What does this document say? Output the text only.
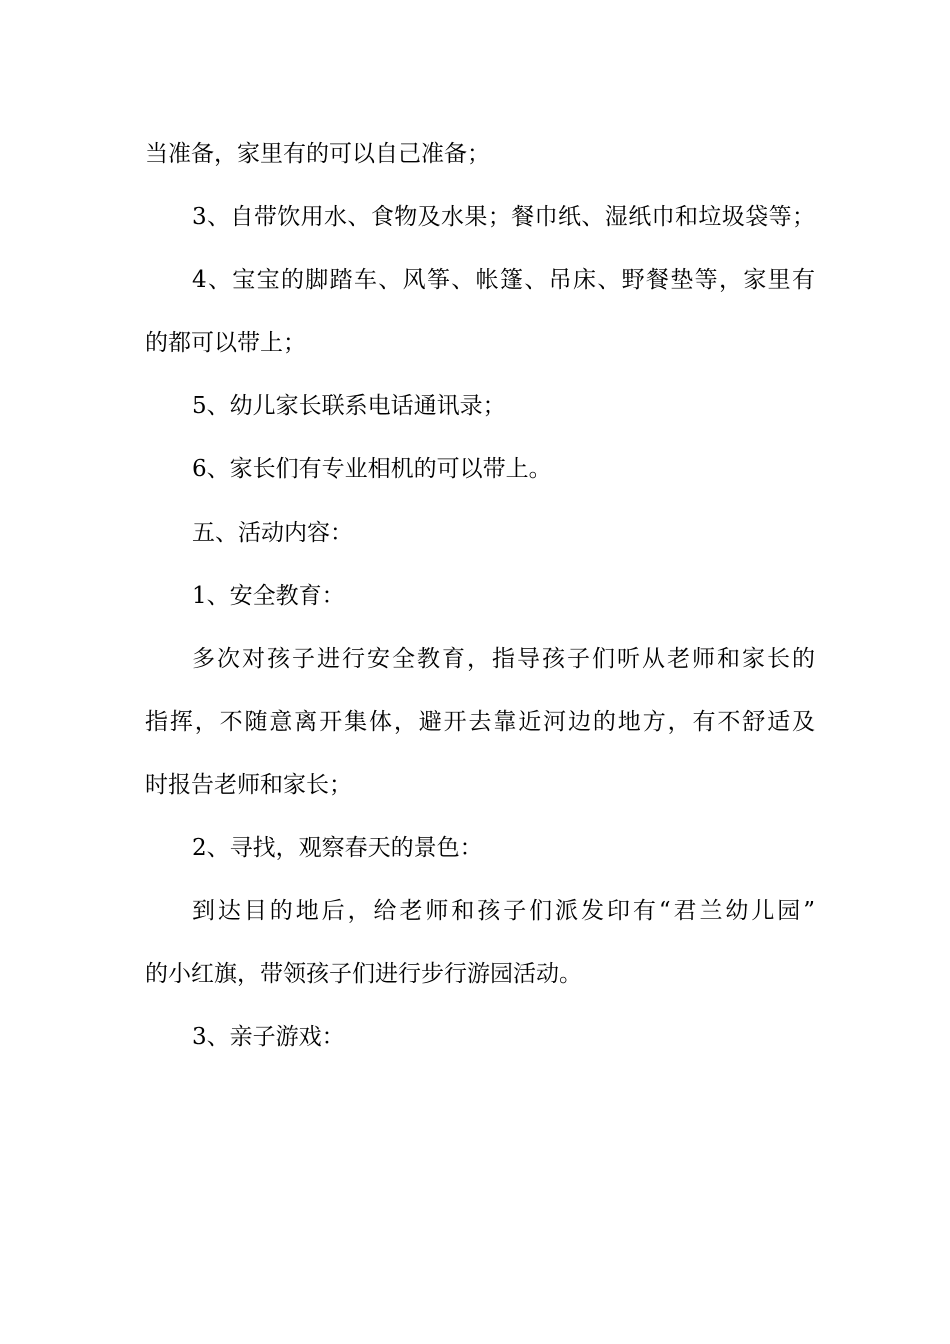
当准备，家里有的可以自己准备；

3、自带饮用水、食物及水果；餐巾纸、湿纸巾和垃圾袋等；

4、宝宝的脚踏车、风筝、帐篷、吊床、野餐垫等，家里有

的都可以带上；

5、幼儿家长联系电话通讯录；

6、家长们有专业相机的可以带上。

五、活动内容：

1、安全教育：

多次对孩子进行安全教育，指导孩子们听从老师和家长的

指挥，不随意离开集体，避开去靠近河边的地方，有不舒适及

时报告老师和家长；

2、寻找，观察春天的景色：

到达目的地后，给老师和孩子们派发印有“君兰幼儿园”

的小红旗，带领孩子们进行步行游园活动。

3、亲子游戏：
